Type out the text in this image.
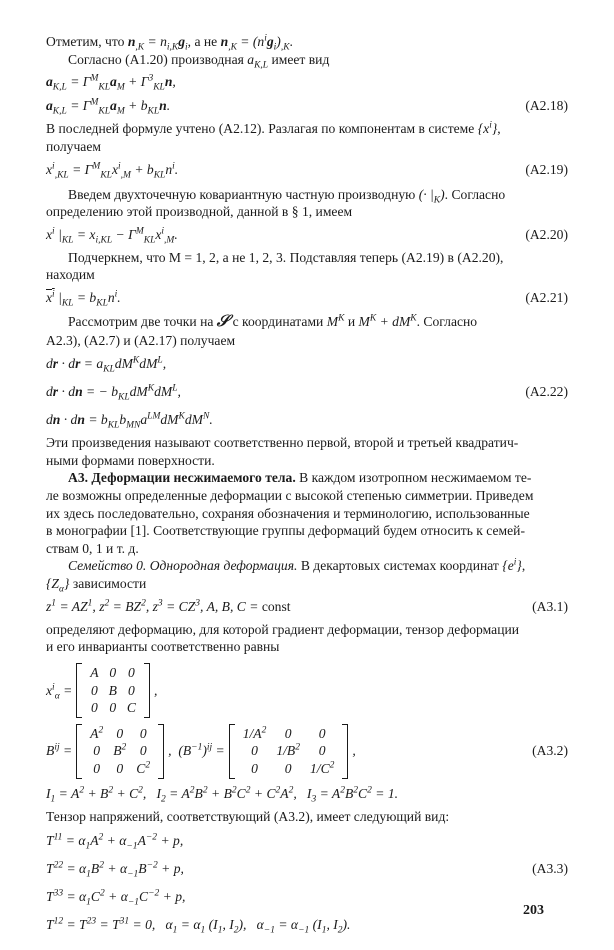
Отметим, что $n_{,K} = n_{i,K}g_i$, а не $n_{,K} = (n^ig_i)_{,K}$.

Согласно (A1.20) производная $a_{K,L}$ имеет вид

$a_{K,L} = \Gamma^M_{KL}a_M + \Gamma^3_{KL}n$,
$a_{K,L} = \Gamma^M_{KL}a_M + b_{KL}n$.	(A2.18)

В последней формуле учтено (A2.12). Разлагая по компонентам в системе $\{x^i\}$,

получаем

$x^i_{,KL} = \Gamma^M_{KL}x^i_{,M} + b_{KL}n^i$.	(A2.19)

Введем двухточечную ковариантную частную производную (· $|_K$). Согласно

определению этой производной, данной в § 1, имеем

$x^i$ $|_{KL} = x_{i,KL} - \Gamma^M_{KL}x^i_{,M}$.	(A2.20)

Подчеркнем, что M = 1, 2, а не 1, 2, 3. Подставляя теперь (A2.19) в (A2.20),

находим

$x^i$ $|_{KL} = b_{KL}n^i$.	(A2.21)

Рассмотрим две точки на 𝒮 с координатами $M^K$ и $M^K + dM^K$. Согласно

A2.3), (A2.7) и (A2.17) получаем

dr · dr = $a_{KL}dM^KdM^L$,
dr · dn = − $b_{KL}dM^KdM^L$,	(A2.22)
dn · dn = $b_{KL}b_{MN}a^{LM}dM^KdM^N$.

Эти произведения называют соответственно первой, второй и третьей квадратич-

ными формами поверхности.

A3. Деформации несжимаемого тела. В каждом изотропном несжимаемом те-

ле возможны определенные деформации с высокой степенью симметрии. Приведем

их здесь последовательно, сохраняя обозначения и терминологию, использованные

в монографии [1]. Соответствующие группы деформаций будем относить к семей-

ствам 0, 1 и т. д.

Семейство 0. Однородная деформация. В декартовых системах координат $\{e^i\}$,

$\{Z_\alpha\}$ зависимости

$z^1 = AZ^1$, $z^2 = BZ^2$, $z^3 = CZ^3$, A, B, C = const	(A3.1)

определяют деформацию, для которой градиент деформации, тензор деформации

и его инварианты соответственно равны

$x^i_\alpha$ =
A 0 0
0 B 0
0 0 C
,
$B^{ij}$ =
$A^2$ 0	0
0 $B^2$ 0
0	0 $C^2$
,  $(B^{-1})^{ij}$ =
$1/A^2$	0	0
0	$1/B^2$	0
0	0	$1/C^2$
,	(A3.2)
$I_1 = A^2 + B^2 + C^2$,   $I_2 = A^2B^2 + B^2C^2 + C^2A^2$,   $I_3 = A^2B^2C^2 = 1$.

Тензор напряжений, соответствующий (A3.2), имеет следующий вид:

$T^{11} = \alpha_1A^2 + \alpha_{-1}A^{-2} + p$,
$T^{22} = \alpha_1B^2 + \alpha_{-1}B^{-2} + p$,	(A3.3)
$T^{33} = \alpha_1C^2 + \alpha_{-1}C^{-2} + p$,
$T^{12} = T^{23} = T^{31} = 0$,   $\alpha_1 = \alpha_1$ ($I_1$, $I_2$),   $\alpha_{-1} = \alpha_{-1}$ ($I_1$, $I_2$).
203
